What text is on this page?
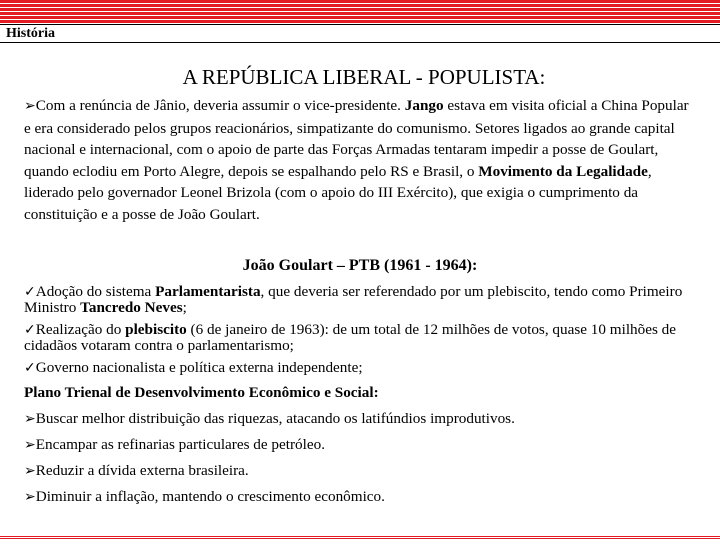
História
A REPÚBLICA LIBERAL - POPULISTA:
➢Com a renúncia de Jânio, deveria assumir o vice-presidente. Jango estava em visita oficial a China Popular e era considerado pelos grupos reacionários, simpatizante do comunismo. Setores ligados ao grande capital nacional e internacional, com o apoio de parte das Forças Armadas tentaram impedir a posse de Goulart, quando eclodiu em Porto Alegre, depois se espalhando pelo RS e Brasil, o Movimento da Legalidade, liderado pelo governador Leonel Brizola (com o apoio do III Exército), que exigia o cumprimento da constituição e a posse de João Goulart.
João Goulart – PTB (1961 - 1964):
✓Adoção do sistema Parlamentarista, que deveria ser referendado por um plebiscito, tendo como Primeiro Ministro Tancredo Neves;
✓Realização do plebiscito (6 de janeiro de 1963): de um total de 12 milhões de votos, quase 10 milhões de cidadãos votaram contra o parlamentarismo;
✓Governo nacionalista e política externa independente;
Plano Trienal de Desenvolvimento Econômico e Social:
➢Buscar melhor distribuição das riquezas, atacando os latifúndios improdutivos.
➢Encampar as refinarias particulares de petróleo.
➢Reduzir a dívida externa brasileira.
➢Diminuir a inflação, mantendo o crescimento econômico.
